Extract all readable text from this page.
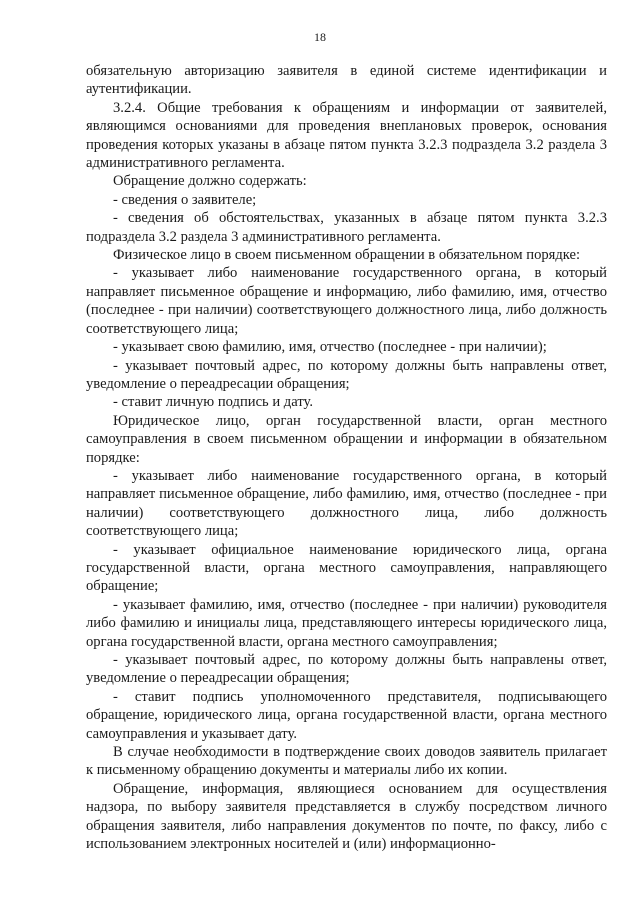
18

обязательную авторизацию заявителя в единой системе идентификации и аутентификации.

3.2.4. Общие требования к обращениям и информации от заявителей, являющимся основаниями для проведения внеплановых проверок, основания проведения которых указаны в абзаце пятом пункта 3.2.3 подраздела 3.2 раздела 3 административного регламента.

Обращение должно содержать:

- сведения о заявителе;

- сведения об обстоятельствах, указанных в абзаце пятом пункта 3.2.3 подраздела 3.2 раздела 3 административного регламента.

Физическое лицо в своем письменном обращении в обязательном порядке:

- указывает либо наименование государственного органа, в который направляет письменное обращение и информацию, либо фамилию, имя, отчество (последнее - при наличии) соответствующего должностного лица, либо должность соответствующего лица;

- указывает свою фамилию, имя, отчество (последнее - при наличии);

- указывает почтовый адрес, по которому должны быть направлены ответ, уведомление о переадресации обращения;

- ставит личную подпись и дату.

Юридическое лицо, орган государственной власти, орган местного самоуправления в своем письменном обращении и информации в обязательном порядке:

- указывает либо наименование государственного органа, в который направляет письменное обращение, либо фамилию, имя, отчество (последнее - при наличии) соответствующего должностного лица, либо должность соответствующего лица;

- указывает официальное наименование юридического лица, органа государственной власти, органа местного самоуправления, направляющего обращение;

- указывает фамилию, имя, отчество (последнее - при наличии) руководителя либо фамилию и инициалы лица, представляющего интересы юридического лица, органа государственной власти, органа местного самоуправления;

- указывает почтовый адрес, по которому должны быть направлены ответ, уведомление о переадресации обращения;

- ставит подпись уполномоченного представителя, подписывающего обращение, юридического лица, органа государственной власти, органа местного самоуправления и указывает дату.

В случае необходимости в подтверждение своих доводов заявитель прилагает к письменному обращению документы и материалы либо их копии.

Обращение, информация, являющиеся основанием для осуществления надзора, по выбору заявителя представляется в службу посредством личного обращения заявителя, либо направления документов по почте, по факсу, либо с использованием электронных носителей и (или) информационно-
